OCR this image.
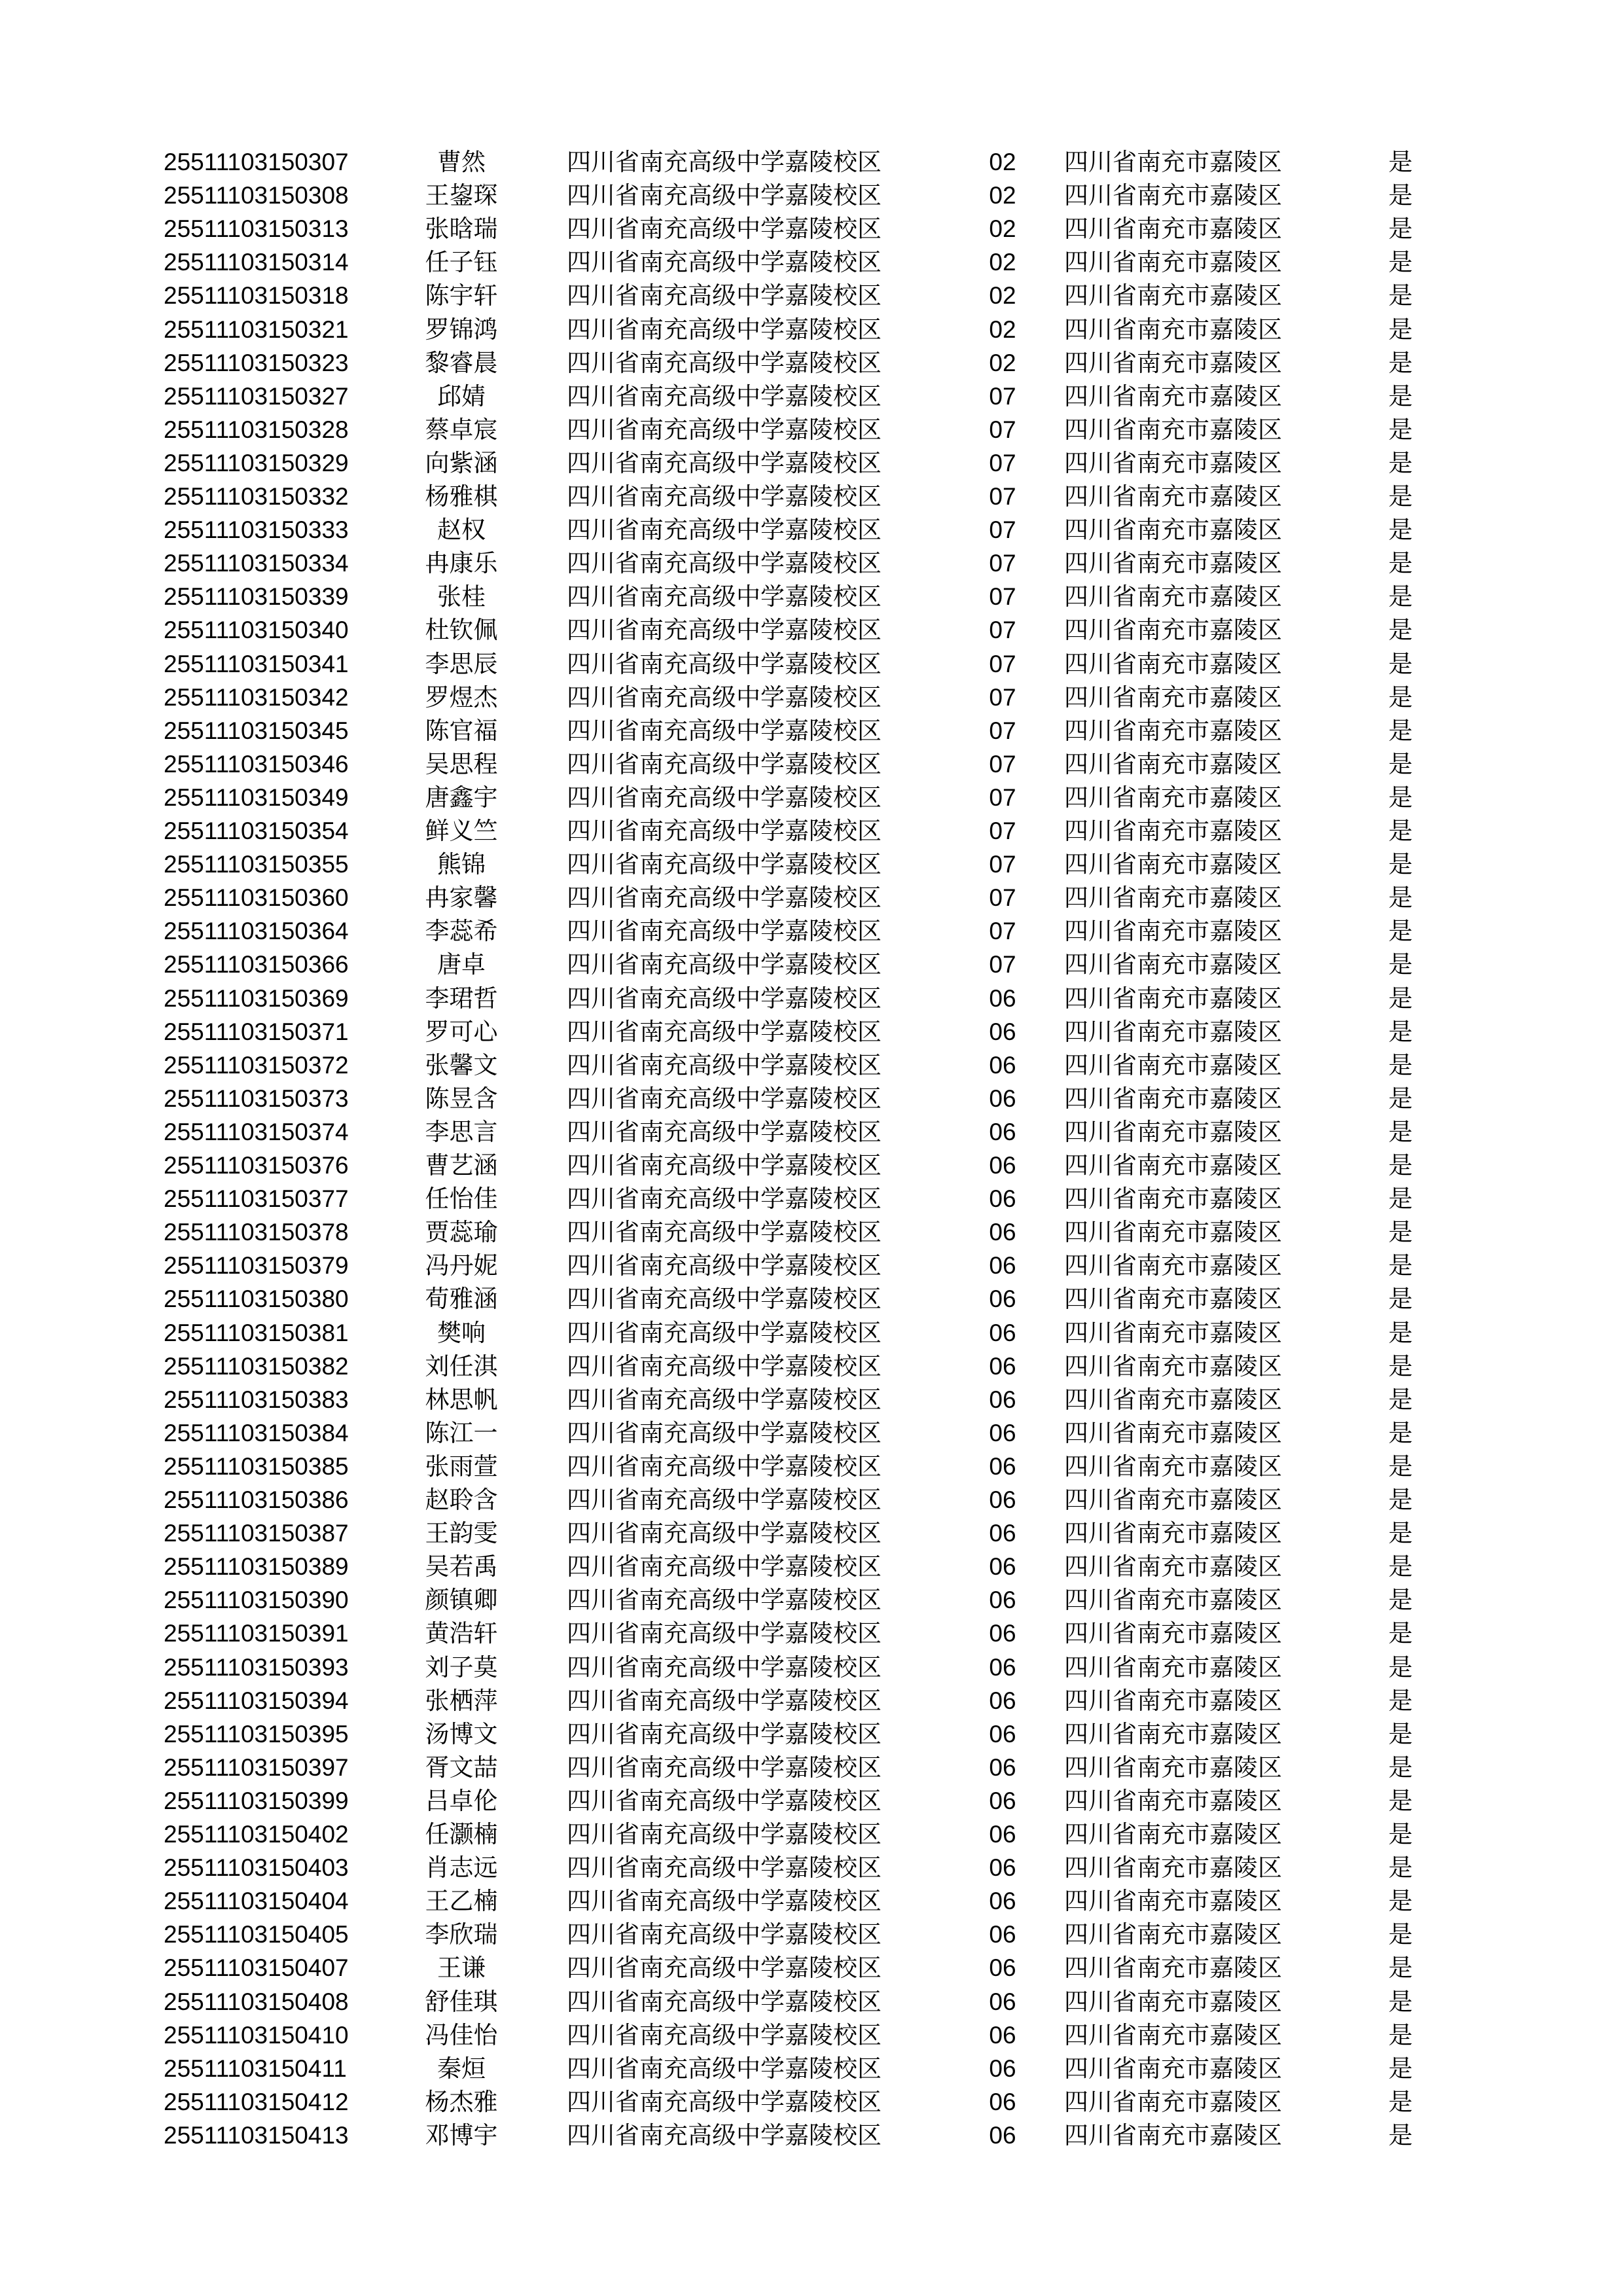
25511103150307	曹然	四川省南充高级中学嘉陵校区	02	四川省南充市嘉陵区	是
25511103150308	王鋆琛	四川省南充高级中学嘉陵校区	02	四川省南充市嘉陵区	是
25511103150313	张晗瑞	四川省南充高级中学嘉陵校区	02	四川省南充市嘉陵区	是
25511103150314	任子钰	四川省南充高级中学嘉陵校区	02	四川省南充市嘉陵区	是
25511103150318	陈宇轩	四川省南充高级中学嘉陵校区	02	四川省南充市嘉陵区	是
25511103150321	罗锦鸿	四川省南充高级中学嘉陵校区	02	四川省南充市嘉陵区	是
25511103150323	黎睿晨	四川省南充高级中学嘉陵校区	02	四川省南充市嘉陵区	是
25511103150327	邱婧	四川省南充高级中学嘉陵校区	07	四川省南充市嘉陵区	是
25511103150328	蔡卓宸	四川省南充高级中学嘉陵校区	07	四川省南充市嘉陵区	是
25511103150329	向紫涵	四川省南充高级中学嘉陵校区	07	四川省南充市嘉陵区	是
25511103150332	杨雅棋	四川省南充高级中学嘉陵校区	07	四川省南充市嘉陵区	是
25511103150333	赵权	四川省南充高级中学嘉陵校区	07	四川省南充市嘉陵区	是
25511103150334	冉康乐	四川省南充高级中学嘉陵校区	07	四川省南充市嘉陵区	是
25511103150339	张桂	四川省南充高级中学嘉陵校区	07	四川省南充市嘉陵区	是
25511103150340	杜钦佩	四川省南充高级中学嘉陵校区	07	四川省南充市嘉陵区	是
25511103150341	李思辰	四川省南充高级中学嘉陵校区	07	四川省南充市嘉陵区	是
25511103150342	罗煜杰	四川省南充高级中学嘉陵校区	07	四川省南充市嘉陵区	是
25511103150345	陈官福	四川省南充高级中学嘉陵校区	07	四川省南充市嘉陵区	是
25511103150346	吴思程	四川省南充高级中学嘉陵校区	07	四川省南充市嘉陵区	是
25511103150349	唐鑫宇	四川省南充高级中学嘉陵校区	07	四川省南充市嘉陵区	是
25511103150354	鲜义竺	四川省南充高级中学嘉陵校区	07	四川省南充市嘉陵区	是
25511103150355	熊锦	四川省南充高级中学嘉陵校区	07	四川省南充市嘉陵区	是
25511103150360	冉家馨	四川省南充高级中学嘉陵校区	07	四川省南充市嘉陵区	是
25511103150364	李蕊希	四川省南充高级中学嘉陵校区	07	四川省南充市嘉陵区	是
25511103150366	唐卓	四川省南充高级中学嘉陵校区	07	四川省南充市嘉陵区	是
25511103150369	李珺哲	四川省南充高级中学嘉陵校区	06	四川省南充市嘉陵区	是
25511103150371	罗可心	四川省南充高级中学嘉陵校区	06	四川省南充市嘉陵区	是
25511103150372	张馨文	四川省南充高级中学嘉陵校区	06	四川省南充市嘉陵区	是
25511103150373	陈昱含	四川省南充高级中学嘉陵校区	06	四川省南充市嘉陵区	是
25511103150374	李思言	四川省南充高级中学嘉陵校区	06	四川省南充市嘉陵区	是
25511103150376	曹艺涵	四川省南充高级中学嘉陵校区	06	四川省南充市嘉陵区	是
25511103150377	任怡佳	四川省南充高级中学嘉陵校区	06	四川省南充市嘉陵区	是
25511103150378	贾蕊瑜	四川省南充高级中学嘉陵校区	06	四川省南充市嘉陵区	是
25511103150379	冯丹妮	四川省南充高级中学嘉陵校区	06	四川省南充市嘉陵区	是
25511103150380	荀雅涵	四川省南充高级中学嘉陵校区	06	四川省南充市嘉陵区	是
25511103150381	樊响	四川省南充高级中学嘉陵校区	06	四川省南充市嘉陵区	是
25511103150382	刘任淇	四川省南充高级中学嘉陵校区	06	四川省南充市嘉陵区	是
25511103150383	林思帆	四川省南充高级中学嘉陵校区	06	四川省南充市嘉陵区	是
25511103150384	陈江一	四川省南充高级中学嘉陵校区	06	四川省南充市嘉陵区	是
25511103150385	张雨萱	四川省南充高级中学嘉陵校区	06	四川省南充市嘉陵区	是
25511103150386	赵聆含	四川省南充高级中学嘉陵校区	06	四川省南充市嘉陵区	是
25511103150387	王韵雯	四川省南充高级中学嘉陵校区	06	四川省南充市嘉陵区	是
25511103150389	吴若禹	四川省南充高级中学嘉陵校区	06	四川省南充市嘉陵区	是
25511103150390	颜镇卿	四川省南充高级中学嘉陵校区	06	四川省南充市嘉陵区	是
25511103150391	黄浩轩	四川省南充高级中学嘉陵校区	06	四川省南充市嘉陵区	是
25511103150393	刘子莫	四川省南充高级中学嘉陵校区	06	四川省南充市嘉陵区	是
25511103150394	张栖萍	四川省南充高级中学嘉陵校区	06	四川省南充市嘉陵区	是
25511103150395	汤博文	四川省南充高级中学嘉陵校区	06	四川省南充市嘉陵区	是
25511103150397	胥文喆	四川省南充高级中学嘉陵校区	06	四川省南充市嘉陵区	是
25511103150399	吕卓伦	四川省南充高级中学嘉陵校区	06	四川省南充市嘉陵区	是
25511103150402	任灏楠	四川省南充高级中学嘉陵校区	06	四川省南充市嘉陵区	是
25511103150403	肖志远	四川省南充高级中学嘉陵校区	06	四川省南充市嘉陵区	是
25511103150404	王乙楠	四川省南充高级中学嘉陵校区	06	四川省南充市嘉陵区	是
25511103150405	李欣瑞	四川省南充高级中学嘉陵校区	06	四川省南充市嘉陵区	是
25511103150407	王谦	四川省南充高级中学嘉陵校区	06	四川省南充市嘉陵区	是
25511103150408	舒佳琪	四川省南充高级中学嘉陵校区	06	四川省南充市嘉陵区	是
25511103150410	冯佳怡	四川省南充高级中学嘉陵校区	06	四川省南充市嘉陵区	是
25511103150411	秦烜	四川省南充高级中学嘉陵校区	06	四川省南充市嘉陵区	是
25511103150412	杨杰雅	四川省南充高级中学嘉陵校区	06	四川省南充市嘉陵区	是
25511103150413	邓博宇	四川省南充高级中学嘉陵校区	06	四川省南充市嘉陵区	是
